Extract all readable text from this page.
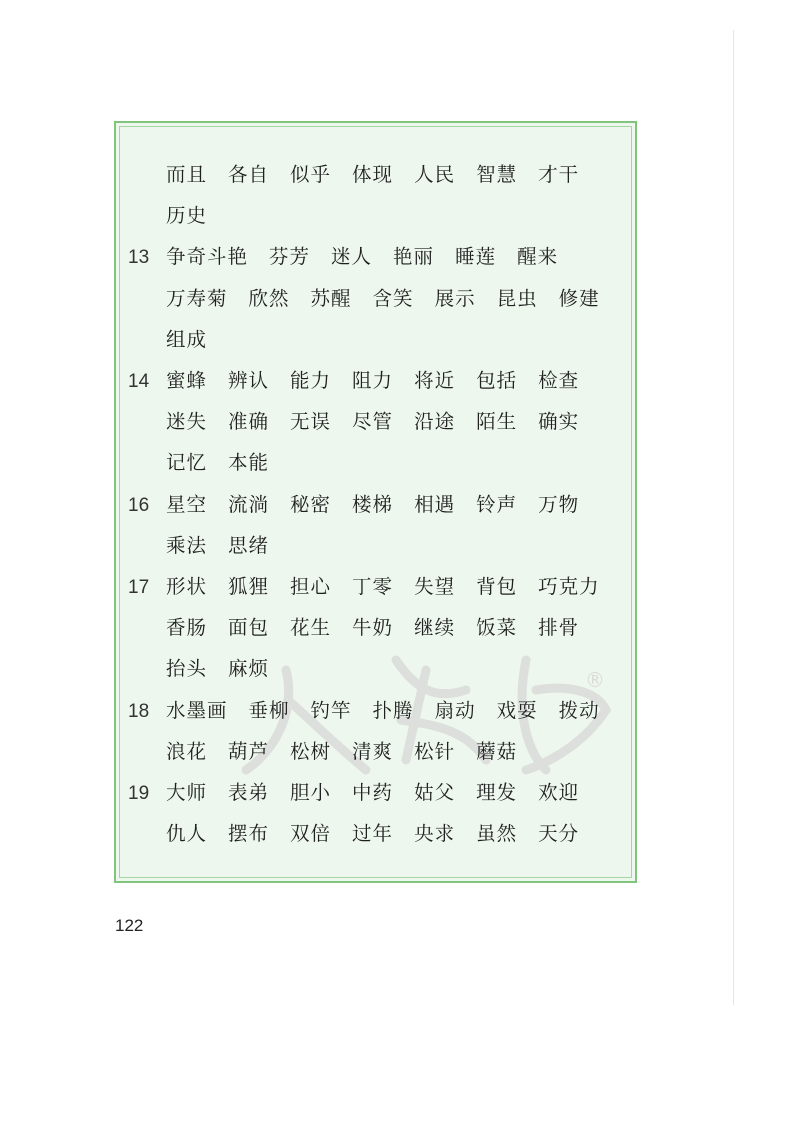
®
而且 各自 似乎 体现 人民 智慧 才干
历史
13 争奇斗艳 芬芳 迷人 艳丽 睡莲 醒来
万寿菊 欣然 苏醒 含笑 展示 昆虫 修建
组成
14 蜜蜂 辨认 能力 阻力 将近 包括 检查
迷失 准确 无误 尽管 沿途 陌生 确实
记忆 本能
16 星空 流淌 秘密 楼梯 相遇 铃声 万物
乘法 思绪
17 形状 狐狸 担心 丁零 失望 背包 巧克力
香肠 面包 花生 牛奶 继续 饭菜 排骨
抬头 麻烦
18 水墨画 垂柳 钓竿 扑腾 扇动 戏耍 拨动
浪花 葫芦 松树 清爽 松针 蘑菇
19 大师 表弟 胆小 中药 姑父 理发 欢迎
仇人 摆布 双倍 过年 央求 虽然 天分
122
